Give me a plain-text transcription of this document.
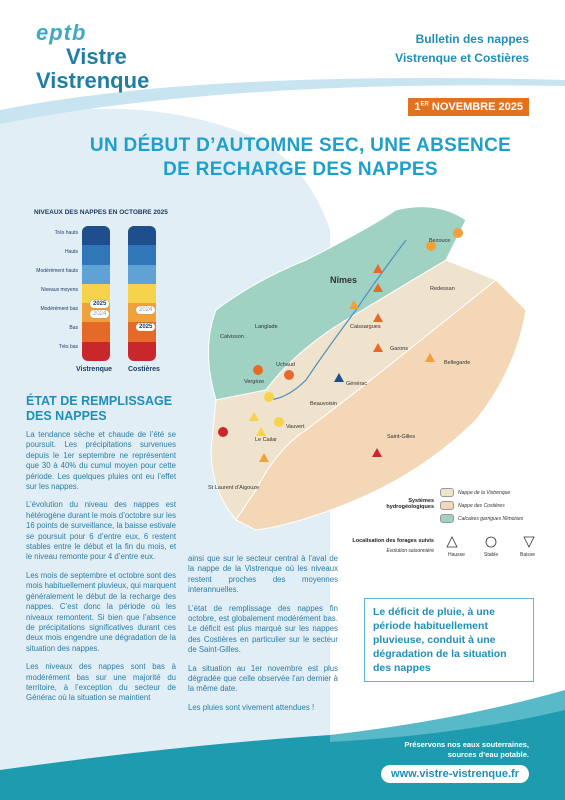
eptb
Vistre
Vistrenque
Bulletin des nappes
Vistrenque et Costières
1ER NOVEMBRE 2025
UN DÉBUT D’AUTOMNE SEC, UNE ABSENCE
DE RECHARGE DES NAPPES
NIVEAUX DES NAPPES EN OCTOBRE 2025
Très hauts
Hauts
Modérément hauts
Niveaux moyens
Modérément bas
Bas
Très bas
2025
2024
2024
2025
Vistrenque Costières
ÉTAT DE REMPLISSAGE
DES NAPPES

La tendance sèche et chaude de l’été se poursuit. Les précipitations survenues depuis le 1er septembre ne représentent que 30 à 40% du cumul moyen pour cette période. Les quelques pluies ont eu l’effet sur les nappes.

L’évolution du niveau des nappes est hétérogène durant le mois d’octobre sur les 16 points de surveillance, la baisse estivale se poursuit pour 6 d’entre eux, 6 restent stables entre le début et la fin du mois, et le niveau remonte pour 4 d’entre eux.

Les mois de septembre et octobre sont des mois habituellement pluvieux, qui marquent généralement le début de la recharge des nappes. C’est donc la période où les niveaux remontent. Si bien que l’absence de précipitations significatives durant ces deux mois engendre une dégradation de la situation des nappes.

Les niveaux des nappes sont bas à modérément bas sur une majorité du territoire, à l’exception du secteur de Générac où la situation se maintient

ainsi que sur le secteur central à l’aval de la nappe de la Vistrenque où les niveaux restent proches des moyennes interannuelles.

L’état de remplissage des nappes fin octobre, est globalement modérément bas. Le déficit est plus marqué sur les nappes des Costières en particulier sur le secteur de Saint-Gilles.

La situation au 1er novembre est plus dégradée que celle observée l’an dernier à la même date.

Les pluies sont vivement attendues !

Le déficit de pluie, à une période habituellement pluvieuse, conduit à une dégradation de la situation des nappes
Nîmes
Bezouce
Redessan
Caissargues
Garons
Bellegarde
Langlade
Calvisson
Uchaud
Vergèze	Générac
Beauvoisin
Vauvert
Le Cailar	Saint-Gilles
St Laurent d’Aigouze
Systèmes hydrogéologiques
Nappe de la Vistrenque
Nappe des Costières
Calcaires garrigues Nîmoises
Localisation des forages suivis
Evolution saisonnière
Hausse	Stable	Baisse
Préservons nos eaux souterraines,
sources d’eau potable.
www.vistre-vistrenque.fr
